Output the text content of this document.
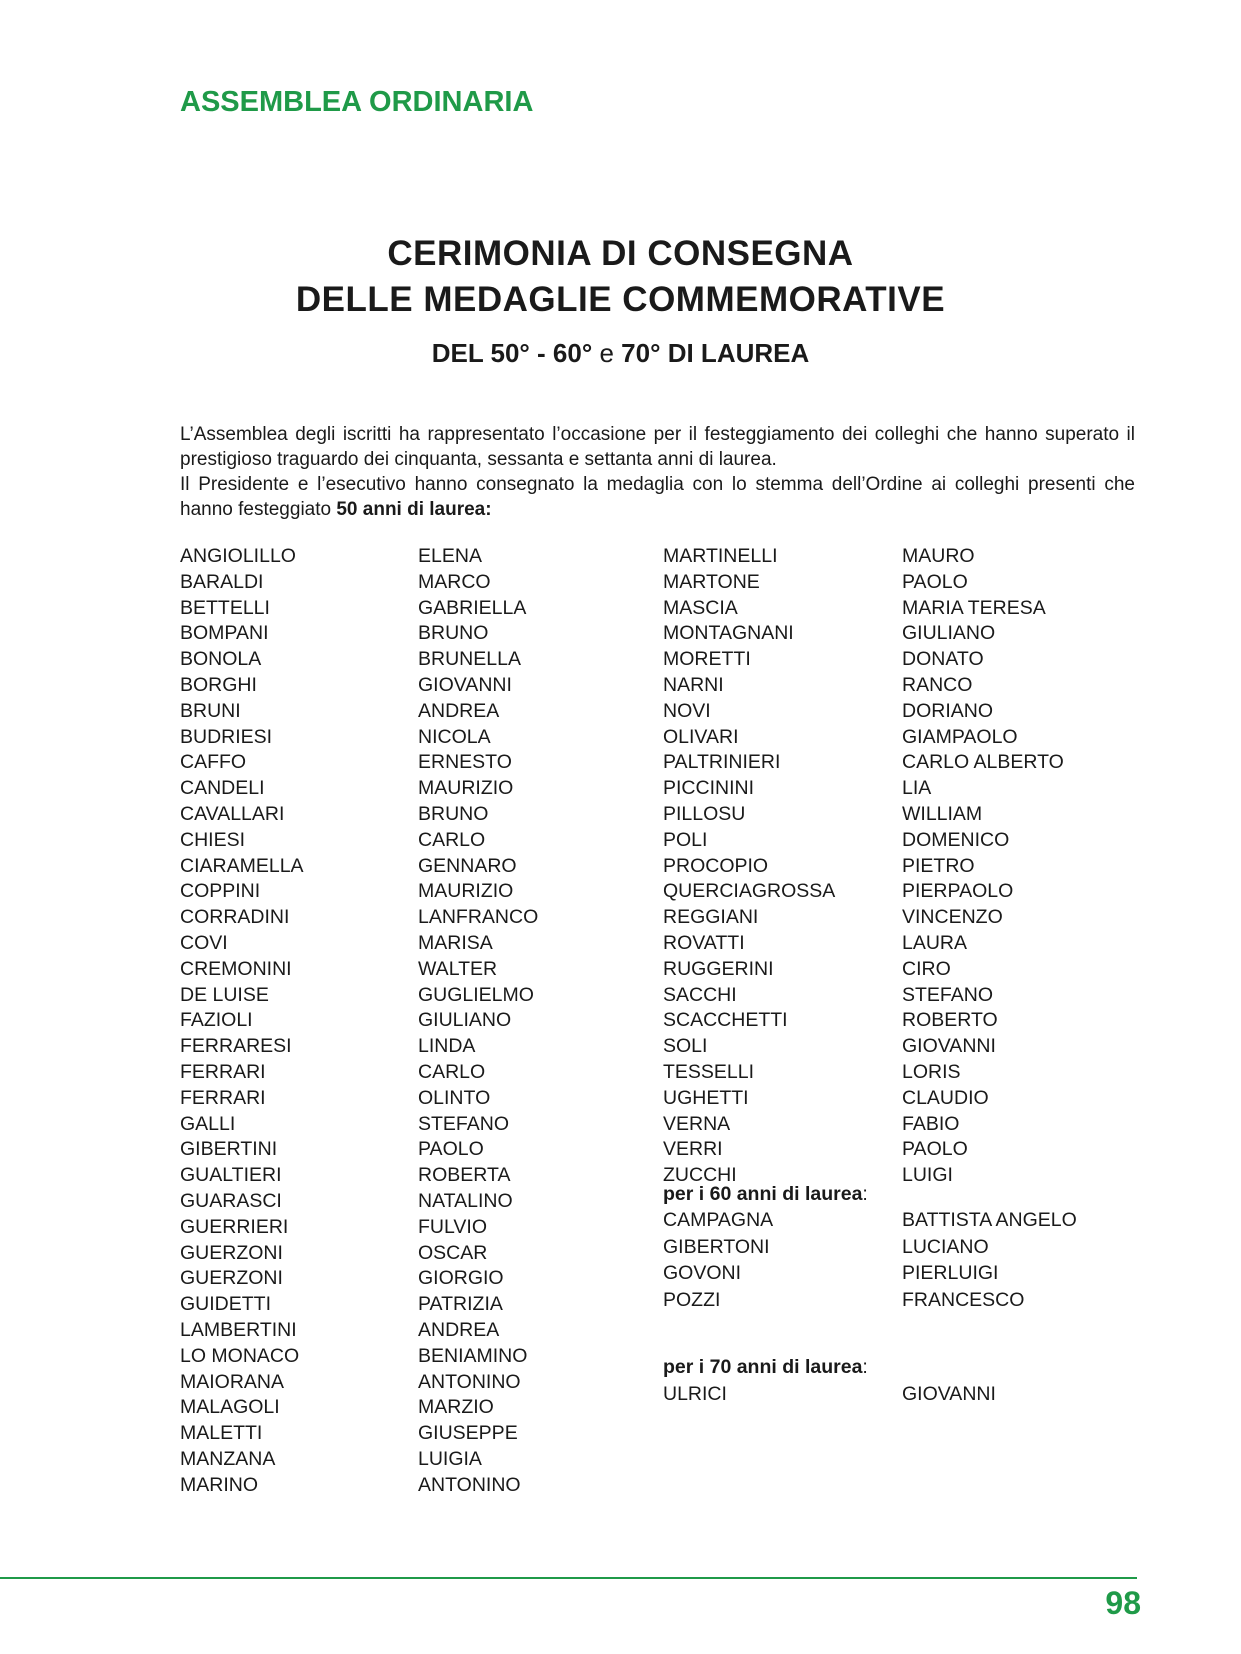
ASSEMBLEA ORDINARIA
CERIMONIA DI CONSEGNA
DELLE MEDAGLIE COMMEMORATIVE
DEL 50° - 60° e 70° DI LAUREA

L’Assemblea degli iscritti ha rappresentato l’occasione per il festeggiamento dei colleghi che hanno superato il prestigioso traguardo dei cinquanta, sessanta e settanta anni di laurea.

Il Presidente e l’esecutivo hanno consegnato la medaglia con lo stemma dell’Ordine ai colleghi presenti che hanno festeggiato 50 anni di laurea:

ANGIOLILLO
BARALDI
BETTELLI
BOMPANI
BONOLA
BORGHI
BRUNI
BUDRIESI
CAFFO
CANDELI
CAVALLARI
CHIESI
CIARAMELLA
COPPINI
CORRADINI
COVI
CREMONINI
DE LUISE
FAZIOLI
FERRARESI
FERRARI
FERRARI
GALLI
GIBERTINI
GUALTIERI
GUARASCI
GUERRIERI
GUERZONI
GUERZONI
GUIDETTI
LAMBERTINI
LO MONACO
MAIORANA
MALAGOLI
MALETTI
MANZANA
MARINO
ELENA
MARCO
GABRIELLA
BRUNO
BRUNELLA
GIOVANNI
ANDREA
NICOLA
ERNESTO
MAURIZIO
BRUNO
CARLO
GENNARO
MAURIZIO
LANFRANCO
MARISA
WALTER
GUGLIELMO
GIULIANO
LINDA
CARLO
OLINTO
STEFANO
PAOLO
ROBERTA
NATALINO
FULVIO
OSCAR
GIORGIO
PATRIZIA
ANDREA
BENIAMINO
ANTONINO
MARZIO
GIUSEPPE
LUIGIA
ANTONINO
MARTINELLI
MARTONE
MASCIA
MONTAGNANI
MORETTI
NARNI
NOVI
OLIVARI
PALTRINIERI
PICCININI
PILLOSU
POLI
PROCOPIO
QUERCIAGROSSA
REGGIANI
ROVATTI
RUGGERINI
SACCHI
SCACCHETTI
SOLI
TESSELLI
UGHETTI
VERNA
VERRI
ZUCCHI
MAURO
PAOLO
MARIA TERESA
GIULIANO
DONATO
RANCO
DORIANO
GIAMPAOLO
CARLO ALBERTO
LIA
WILLIAM
DOMENICO
PIETRO
PIERPAOLO
VINCENZO
LAURA
CIRO
STEFANO
ROBERTO
GIOVANNI
LORIS
CLAUDIO
FABIO
PAOLO
LUIGI
per i 60 anni di laurea:
CAMPAGNA
GIBERTONI
GOVONI
POZZI
BATTISTA ANGELO
LUCIANO
PIERLUIGI
FRANCESCO
per i 70 anni di laurea:
ULRICI	GIOVANNI
98
